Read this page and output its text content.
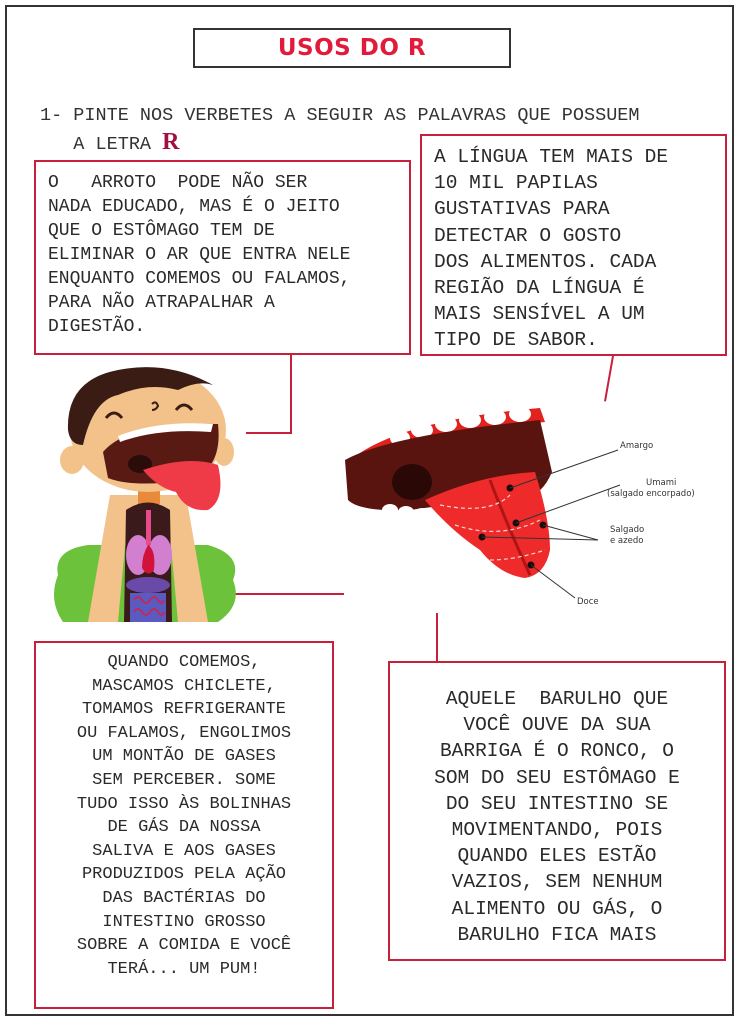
USOS DO R
1- PINTE NOS VERBETES A SEGUIR AS PALAVRAS QUE POSSUEM
A LETRA R

O   ARROTO  PODE NÃO SER

NADA EDUCADO, MAS É O JEITO

QUE O ESTÔMAGO TEM DE

ELIMINAR O AR QUE ENTRA NELE

ENQUANTO COMEMOS OU FALAMOS,

PARA NÃO ATRAPALHAR A

DIGESTÃO.

A LÍNGUA TEM MAIS DE

10 MIL PAPILAS

GUSTATIVAS PARA

DETECTAR O GOSTO

DOS ALIMENTOS. CADA

REGIÃO DA LÍNGUA É

MAIS SENSÍVEL A UM

TIPO DE SABOR.

QUANDO COMEMOS,

MASCAMOS CHICLETE,

TOMAMOS REFRIGERANTE

OU FALAMOS, ENGOLIMOS

UM MONTÃO DE GASES

SEM PERCEBER. SOME

TUDO ISSO ÀS BOLINHAS

DE GÁS DA NOSSA

SALIVA E AOS GASES

PRODUZIDOS PELA AÇÃO

DAS BACTÉRIAS DO

INTESTINO GROSSO

SOBRE A COMIDA E VOCÊ

TERÁ... UM PUM!

AQUELE  BARULHO QUE

VOCÊ OUVE DA SUA

BARRIGA É O RONCO, O

SOM DO SEU ESTÔMAGO E

DO SEU INTESTINO SE

MOVIMENTANDO, POIS

QUANDO ELES ESTÃO

VAZIOS, SEM NENHUM

ALIMENTO OU GÁS, O

BARULHO FICA MAIS

Amargo
Umami
(salgado encorpado)
Salgado
e azedo
Doce
